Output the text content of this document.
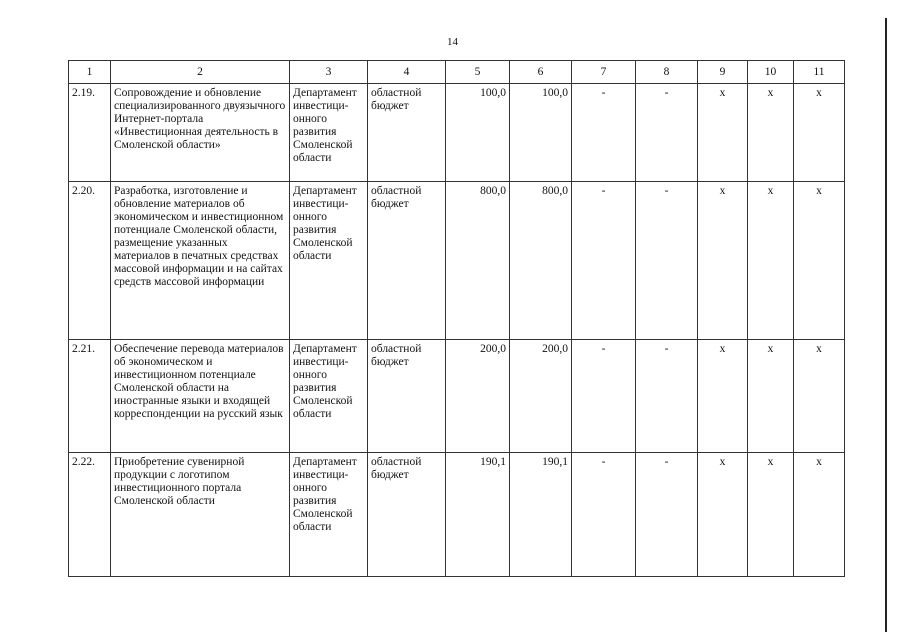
14
1	2	3	4	5	6	7	8	9	10	11
2.19.	Сопровождение и обновление специализированного двуязычного Интернет-портала «Инвестиционная деятельность в Смоленской области»	Департамент инвестици-онного развития Смоленской области	областной бюджет	100,0	100,0	-	-	х	х	х
2.20.	Разработка, изготовление и обновление материалов об экономическом и инвестиционном потенциале Смоленской области, размещение указанных материалов в печатных средствах массовой информации и на сайтах средств массовой информации	Департамент инвестици-онного развития Смоленской области	областной бюджет	800,0	800,0	-	-	х	х	х
2.21.	Обеспечение перевода материалов об экономическом и инвестиционном потенциале Смоленской области на иностранные языки и входящей корреспонденции на русский язык	Департамент инвестици-онного развития Смоленской области	областной бюджет	200,0	200,0	-	-	х	х	х
2.22.	Приобретение сувенирной продукции с логотипом инвестиционного портала Смоленской области	Департамент инвестици-онного развития Смоленской области	областной бюджет	190,1	190,1	-	-	х	х	х
